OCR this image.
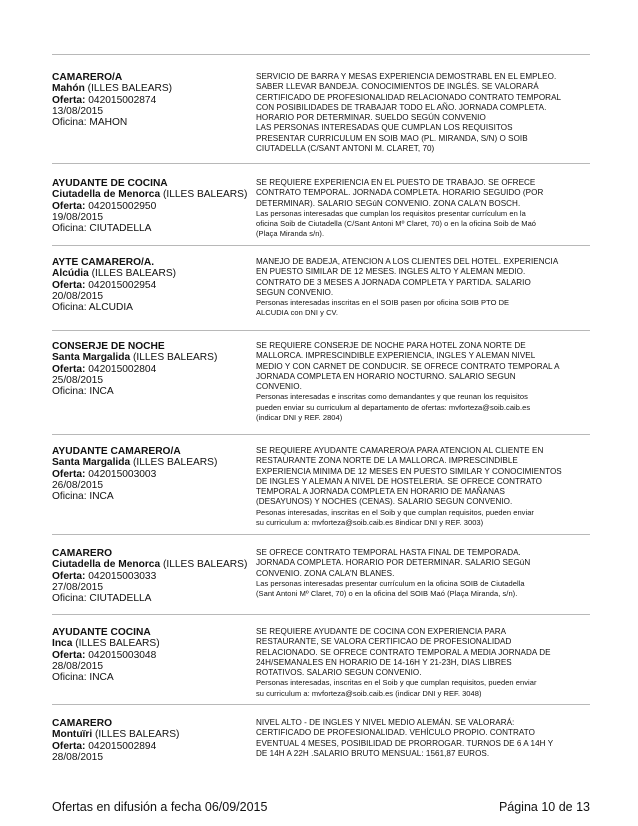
CAMARERO/A
Mahón (ILLES BALEARS)
Oferta: 042015002874
13/08/2015
Oficina: MAHON
SERVICIO DE BARRA Y MESAS EXPERIENCIA DEMOSTRABL EN EL EMPLEO.
SABER LLEVAR BANDEJA. CONOCIMIENTOS DE INGLÉS. SE VALORARÁ
CERTIFICADO DE PROFESIONALIDAD RELACIONADO CONTRATO TEMPORAL
CON POSIBILIDADES DE TRABAJAR TODO EL AÑO. JORNADA COMPLETA.
HORARIO POR DETERMINAR. SUELDO SEGÚN CONVENIO
LAS PERSONAS INTERESADAS QUE CUMPLAN LOS REQUISITOS
PRESENTAR CURRICULUM EN SOIB MAO (PL. MIRANDA, S/N) O SOIB
CIUTADELLA (C/SANT ANTONI M. CLARET, 70)
AYUDANTE DE COCINA
Ciutadella de Menorca (ILLES BALEARS)
Oferta: 042015002950
19/08/2015
Oficina: CIUTADELLA
SE REQUIERE EXPERIENCIA EN EL PUESTO DE TRABAJO. SE OFRECE
CONTRATO TEMPORAL. JORNADA COMPLETA. HORARIO SEGUIDO (POR
DETERMINAR). SALARIO SEGúN CONVENIO. ZONA CALA'N BOSCH.
Las personas interesadas que cumplan los requisitos presentar currículum en la
oficina Soib de Ciutadella (C/Sant Antoni Mº Claret, 70) o en la oficina Soib de Maó
(Plaça Miranda s/n).
AYTE CAMARERO/A.
Alcúdia (ILLES BALEARS)
Oferta: 042015002954
20/08/2015
Oficina: ALCUDIA
MANEJO DE BADEJA, ATENCION A LOS CLIENTES DEL HOTEL. EXPERIENCIA
EN PUESTO SIMILAR DE 12 MESES. INGLES ALTO Y ALEMAN MEDIO.
CONTRATO DE 3 MESES A JORNADA COMPLETA Y PARTIDA. SALARIO
SEGUN CONVENIO.
Personas interesadas inscritas en el SOIB pasen por oficina SOIB PTO DE
ALCUDIA con DNI y CV.
CONSERJE DE NOCHE
Santa Margalida (ILLES BALEARS)
Oferta: 042015002804
25/08/2015
Oficina: INCA
SE REQUIERE CONSERJE DE NOCHE PARA HOTEL ZONA NORTE DE
MALLORCA. IMPRESCINDIBLE EXPERIENCIA, INGLES Y ALEMAN NIVEL
MEDIO Y CON CARNET DE CONDUCIR. SE OFRECE CONTRATO TEMPORAL A
JORNADA COMPLETA EN HORARIO NOCTURNO. SALARIO SEGUN
CONVENIO.
Personas interesadas e inscritas como demandantes y que reunan los requisitos
pueden enviar su curriculum al departamento de ofertas: mvforteza@soib.caib.es
(indicar DNI y REF. 2804)
AYUDANTE CAMARERO/A
Santa Margalida (ILLES BALEARS)
Oferta: 042015003003
26/08/2015
Oficina: INCA
SE REQUIERE AYUDANTE CAMARERO/A PARA ATENCION AL CLIENTE EN
RESTAURANTE ZONA NORTE DE LA MALLORCA. IMPRESCINDIBLE
EXPERIENCIA MINIMA DE 12 MESES EN PUESTO SIMILAR Y CONOCIMIENTOS
DE INGLES Y ALEMAN A NIVEL DE HOSTELERIA. SE OFRECE CONTRATO
TEMPORAL A JORNADA COMPLETA EN HORARIO DE MAÑANAS
(DESAYUNOS) Y NOCHES (CENAS). SALARIO SEGUN CONVENIO.
Pesonas interesadas, inscritas en el Soib y que cumplan requisitos, pueden enviar
su curriculum a: mvforteza@soib.caib.es 8indicar DNI y REF. 3003)
CAMARERO
Ciutadella de Menorca (ILLES BALEARS)
Oferta: 042015003033
27/08/2015
Oficina: CIUTADELLA
SE OFRECE CONTRATO TEMPORAL HASTA FINAL DE TEMPORADA.
JORNADA COMPLETA. HORARIO POR DETERMINAR. SALARIO SEGúN
CONVENIO. ZONA CALA'N BLANES.
Las personas interesadas presentar currículum en la oficina SOIB de Ciutadella
(Sant Antoni Mº Claret, 70) o en la oficina del SOIB Maó (Plaça Miranda, s/n).
AYUDANTE COCINA
Inca (ILLES BALEARS)
Oferta: 042015003048
28/08/2015
Oficina: INCA
SE REQUIERE AYUDANTE DE COCINA CON EXPERIENCIA PARA
RESTAURANTE, SE VALORA CERTIFICAO DE PROFESIONALIDAD
RELACIONADO. SE OFRECE CONTRATO TEMPORAL A MEDIA JORNADA DE
24H/SEMANALES EN HORARIO DE 14-16H Y 21-23H, DIAS LIBRES
ROTATIVOS. SALARIO SEGUN CONVENIO.
Personas interesadas, inscritas en el Soib y que cumplan requisitos, pueden enviar
su curriculum a: mvforteza@soib.caib.es (indicar DNI y REF. 3048)
CAMARERO
Montuïri (ILLES BALEARS)
Oferta: 042015002894
28/08/2015
NIVEL ALTO - DE INGLES Y NIVEL MEDIO ALEMÁN. SE VALORARÁ:
CERTIFICADO DE PROFESIONALIDAD. VEHÍCULO PROPIO. CONTRATO
EVENTUAL 4 MESES, POSIBILIDAD DE PRORROGAR. TURNOS DE 6 A 14H Y
DE 14H A 22H .SALARIO BRUTO MENSUAL: 1561,87 EUROS.
Ofertas en difusión a fecha 06/09/2015	Página 10 de 13
